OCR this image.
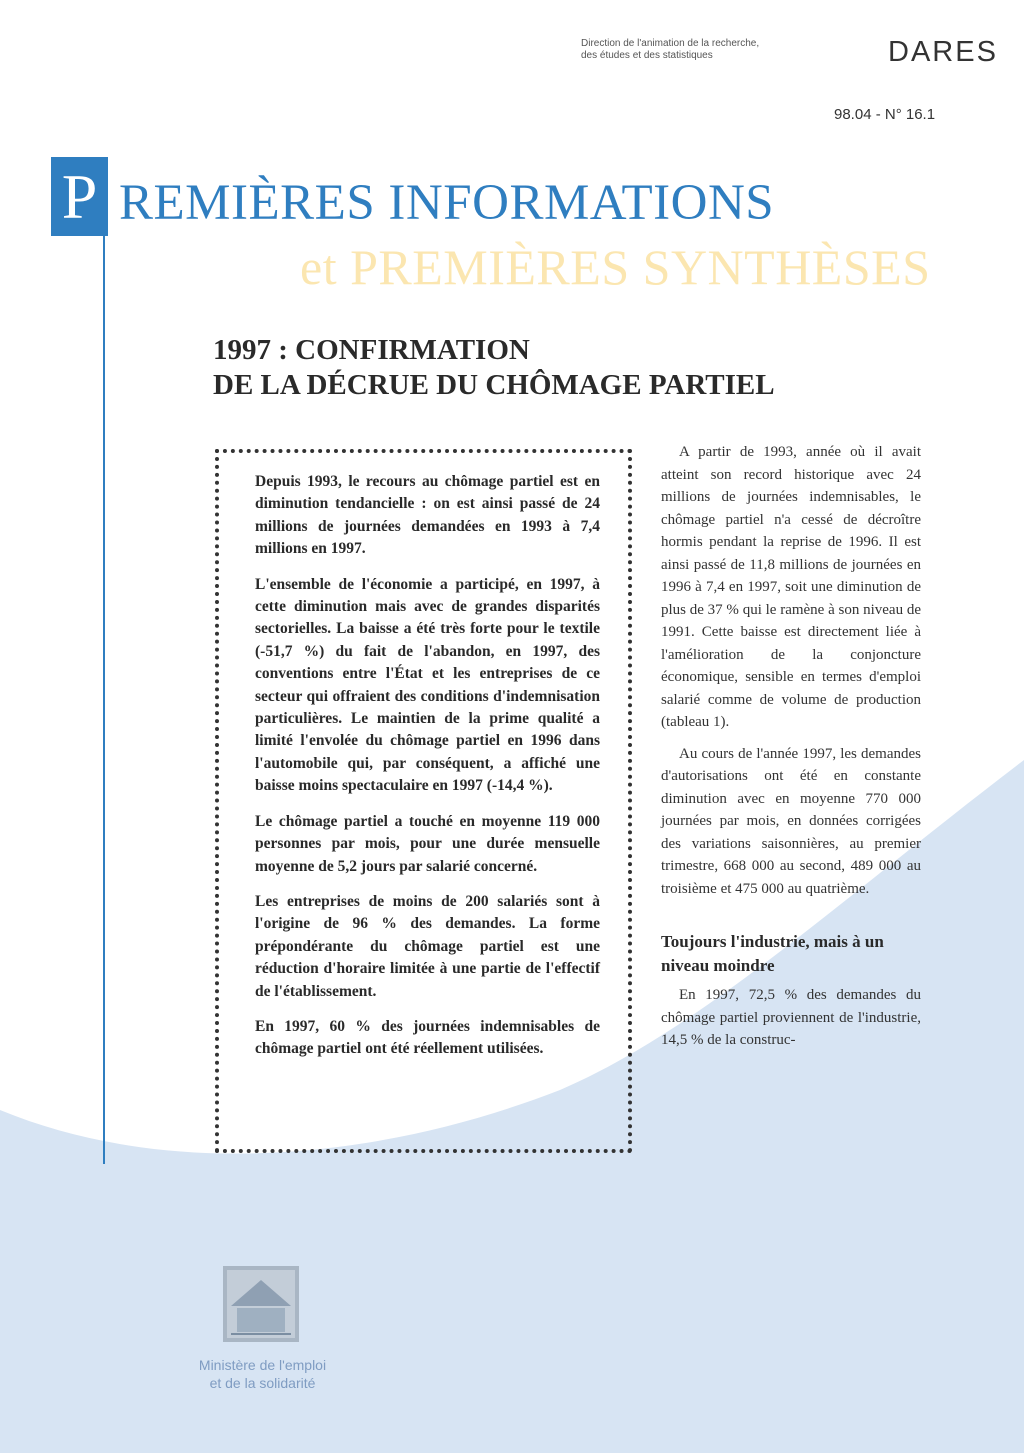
Direction de l'animation de la recherche,
des études et des statistiques	DARES
98.04 - N° 16.1
P REMIÈRES INFORMATIONS
et PREMIÈRES SYNTHÈSES
1997 : CONFIRMATION
DE LA DÉCRUE DU CHÔMAGE PARTIEL

Depuis 1993, le recours au chômage partiel est en diminution tendancielle : on est ainsi passé de 24 millions de journées demandées en 1993 à 7,4 millions en 1997.

L'ensemble de l'économie a participé, en 1997, à cette diminution mais avec de grandes disparités sectorielles. La baisse a été très forte pour le textile (-51,7 %) du fait de l'abandon, en 1997, des conventions entre l'État et les entreprises de ce secteur qui offraient des conditions d'indemnisation particulières. Le maintien de la prime qualité a limité l'envolée du chômage partiel en 1996 dans l'automobile qui, par conséquent, a affiché une baisse moins spectaculaire en 1997 (-14,4 %).

Le chômage partiel a touché en moyenne 119 000 personnes par mois, pour une durée mensuelle moyenne de 5,2 jours par salarié concerné.

Les entreprises de moins de 200 salariés sont à l'origine de 96 % des demandes. La forme prépondérante du chômage partiel est une réduction d'horaire limitée à une partie de l'effectif de l'établissement.

En 1997, 60 % des journées indemnisables de chômage partiel ont été réellement utilisées.

A partir de 1993, année où il avait atteint son record historique avec 24 millions de journées indemnisables, le chômage partiel n'a cessé de décroître hormis pendant la reprise de 1996. Il est ainsi passé de 11,8 millions de journées en 1996 à 7,4 en 1997, soit une diminution de plus de 37 % qui le ramène à son niveau de 1991. Cette baisse est directement liée à l'amélioration de la conjoncture économique, sensible en termes d'emploi salarié comme de volume de production (tableau 1).

Au cours de l'année 1997, les demandes d'autorisations ont été en constante diminution avec en moyenne 770 000 journées par mois, en données corrigées des variations saisonnières, au premier trimestre, 668 000 au second, 489 000 au troisième et 475 000 au quatrième.

Toujours l'industrie, mais à un niveau moindre

En 1997, 72,5 % des demandes du chômage partiel proviennent de l'industrie, 14,5 % de la construc-

Ministère de l'emploi
et de la solidarité
